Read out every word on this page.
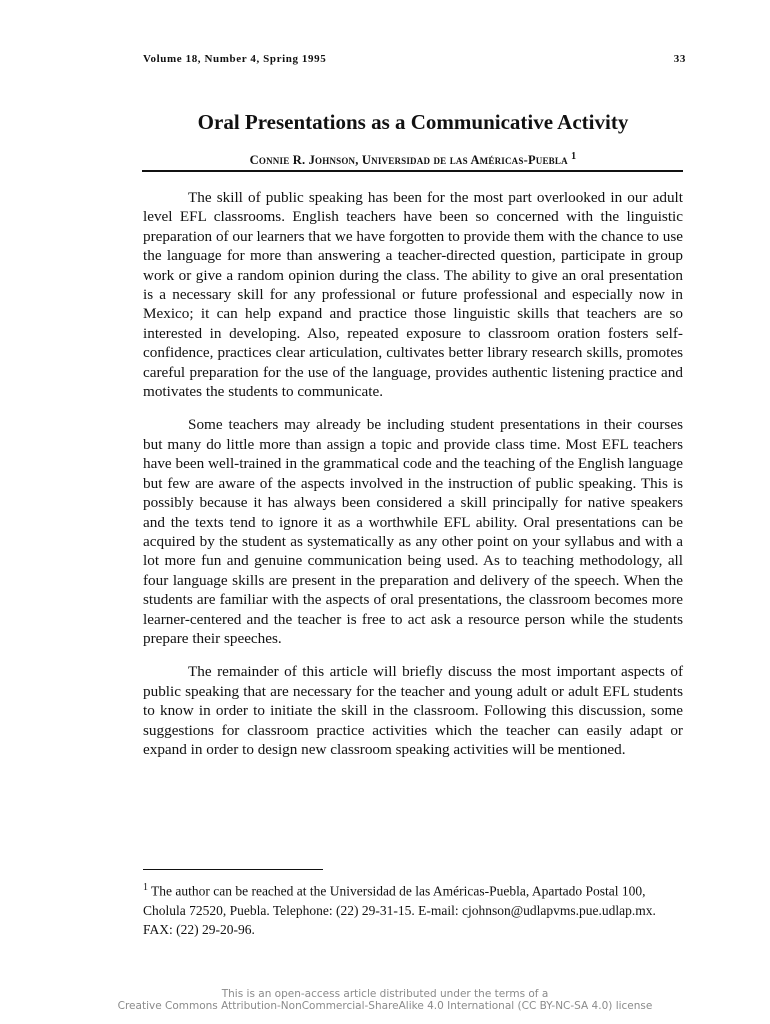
Volume 18, Number 4, Spring 1995	33
Oral Presentations as a Communicative Activity
Connie R. Johnson, Universidad de las Américas-Puebla $^1$

The skill of public speaking has been for the most part overlooked in our adult level EFL classrooms. English teachers have been so concerned with the linguistic preparation of our learners that we have forgotten to provide them with the chance to use the language for more than answering a teacher-directed question, participate in group work or give a random opinion during the class. The ability to give an oral presentation is a necessary skill for any professional or future professional and especially now in Mexico; it can help expand and practice those linguistic skills that teachers are so interested in developing. Also, repeated exposure to classroom oration fosters self-confidence, practices clear articulation, cultivates better library research skills, promotes careful preparation for the use of the language, provides authentic listening practice and motivates the students to communicate.

Some teachers may already be including student presentations in their courses but many do little more than assign a topic and provide class time. Most EFL teachers have been well-trained in the grammatical code and the teaching of the English language but few are aware of the aspects involved in the instruction of public speaking. This is possibly because it has always been considered a skill principally for native speakers and the texts tend to ignore it as a worthwhile EFL ability. Oral presentations can be acquired by the student as systematically as any other point on your syllabus and with a lot more fun and genuine communication being used. As to teaching methodology, all four language skills are present in the preparation and delivery of the speech. When the students are familiar with the aspects of oral presentations, the classroom becomes more learner-centered and the teacher is free to act ask a resource person while the students prepare their speeches.

The remainder of this article will briefly discuss the most important aspects of public speaking that are necessary for the teacher and young adult or adult EFL students to know in order to initiate the skill in the classroom. Following this discussion, some suggestions for classroom practice activities which the teacher can easily adapt or expand in order to design new classroom speaking activities will be mentioned.

$^1$ The author can be reached at the Universidad de las Américas-Puebla, Apartado Postal 100, Cholula 72520, Puebla. Telephone: (22) 29-31-15. E-mail: cjohnson@udlapvms.pue.udlap.mx. FAX: (22) 29-20-96.
This is an open-access article distributed under the terms of a
Creative Commons Attribution-NonCommercial-ShareAlike 4.0 International (CC BY-NC-SA 4.0) license
